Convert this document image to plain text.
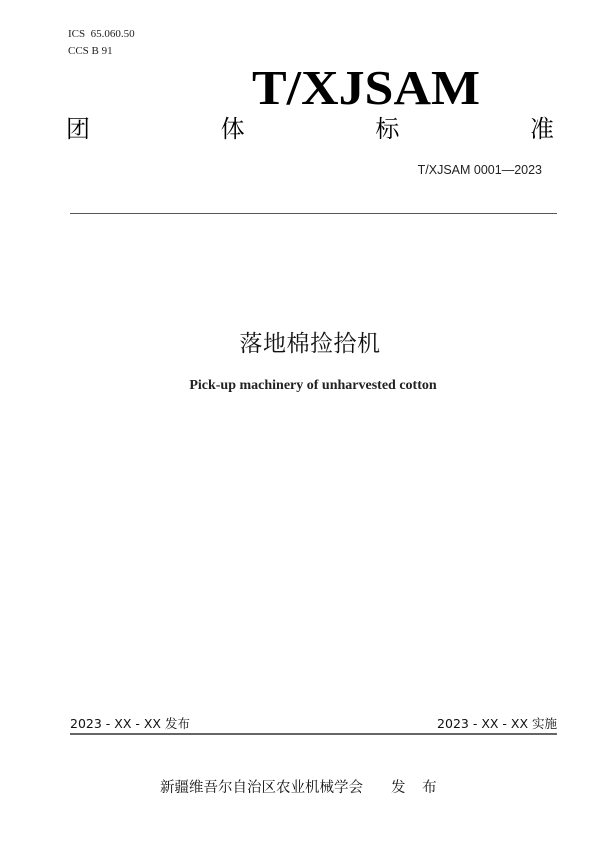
ICS  65.060.50
CCS B 91
T/XJSAM
团	体	标	准
T/XJSAM 0001—2023
落地棉捡拾机
Pick-up machinery of unharvested cotton
2023 - XX - XX 发布	2023 - XX - XX 实施
新疆维吾尔自治区农业机械学会 发 布
